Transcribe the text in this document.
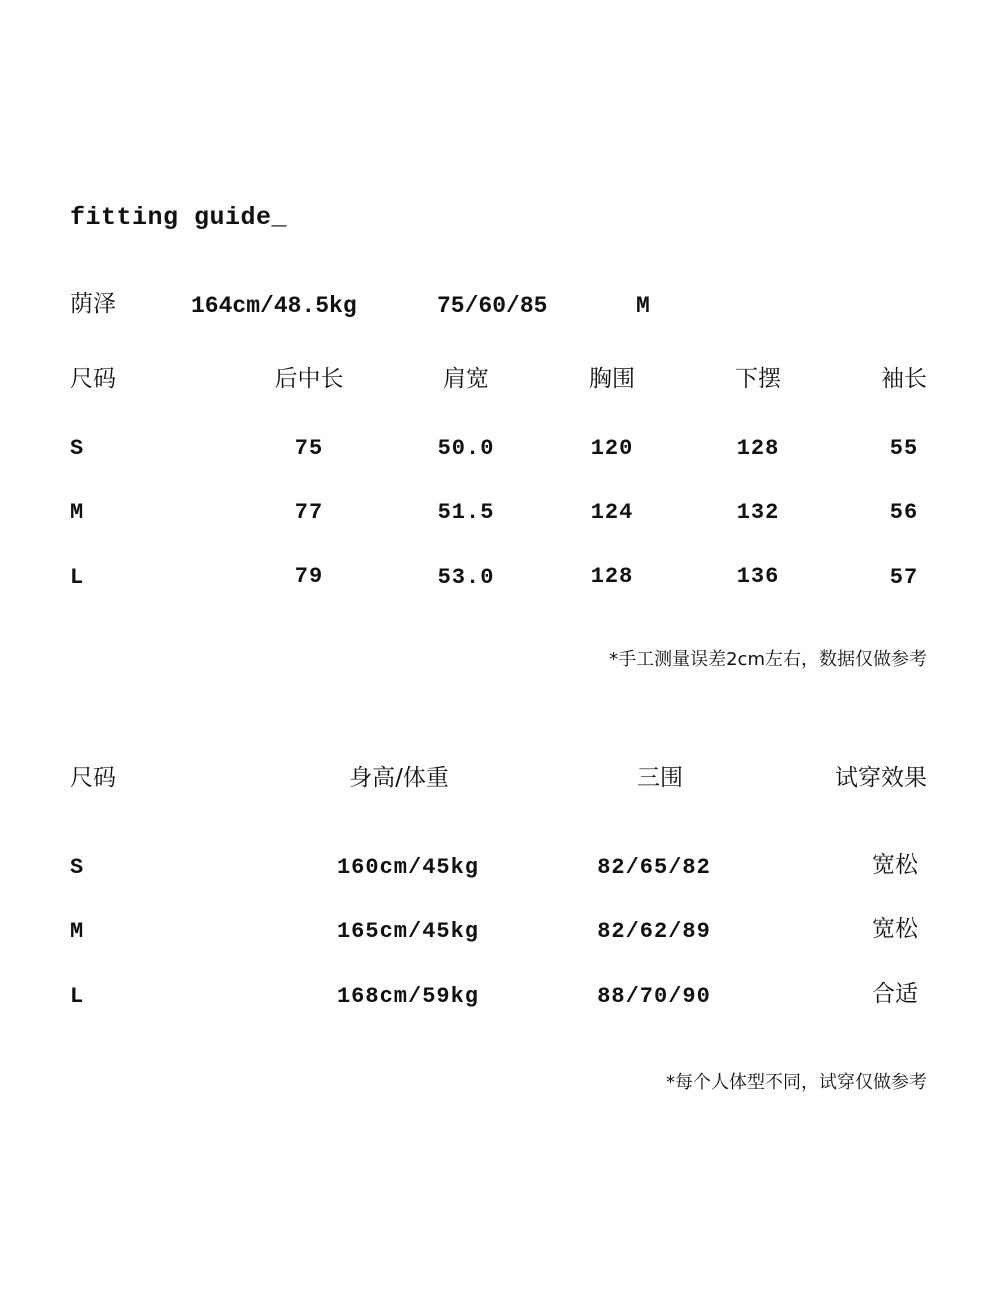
fitting guide_
荫泽	164cm/48.5kg	75/60/85	M
尺码	后中长	肩宽	胸围	下摆	袖长
S	75	50.0	120	128	55
M	77	51.5	124	132	56
L	79	53.0	128	136	57
*手工测量误差2cm左右，数据仅做参考
尺码	身高/体重	三围	试穿效果
S	160cm/45kg	82/65/82	宽松
M	165cm/45kg	82/62/89	宽松
L	168cm/59kg	88/70/90	合适
*每个人体型不同，试穿仅做参考
